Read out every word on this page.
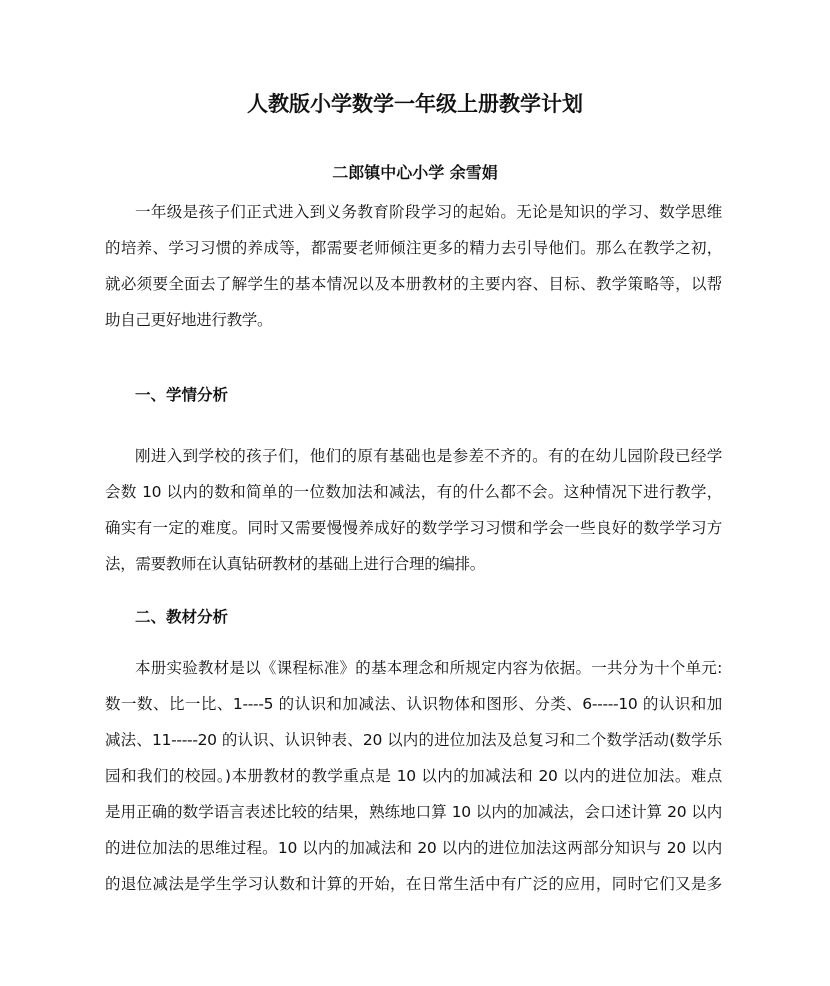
人教版小学数学一年级上册教学计划
二郎镇中心小学 余雪娟
一年级是孩子们正式进入到义务教育阶段学习的起始。无论是知识的学习、数学思维
的培养、学习习惯的养成等，都需要老师倾注更多的精力去引导他们。那么在教学之初，
就必须要全面去了解学生的基本情况以及本册教材的主要内容、目标、教学策略等，以帮
助自己更好地进行教学。
一、学情分析
刚进入到学校的孩子们，他们的原有基础也是参差不齐的。有的在幼儿园阶段已经学
会数 10 以内的数和简单的一位数加法和减法，有的什么都不会。这种情况下进行教学，
确实有一定的难度。同时又需要慢慢养成好的数学学习习惯和学会一些良好的数学学习方
法，需要教师在认真钻研教材的基础上进行合理的编排。
二、教材分析
本册实验教材是以《课程标准》的基本理念和所规定内容为依据。一共分为十个单元:
数一数、比一比、1----5 的认识和加减法、认识物体和图形、分类、6-----10 的认识和加
减法、11-----20 的认识、认识钟表、20 以内的进位加法及总复习和二个数学活动(数学乐
园和我们的校园。)本册教材的教学重点是 10 以内的加减法和 20 以内的进位加法。难点
是用正确的数学语言表述比较的结果，熟练地口算 10 以内的加减法，会口述计算 20 以内
的进位加法的思维过程。10 以内的加减法和 20 以内的进位加法这两部分知识与 20 以内
的退位减法是学生学习认数和计算的开始，在日常生活中有广泛的应用，同时它们又是多
